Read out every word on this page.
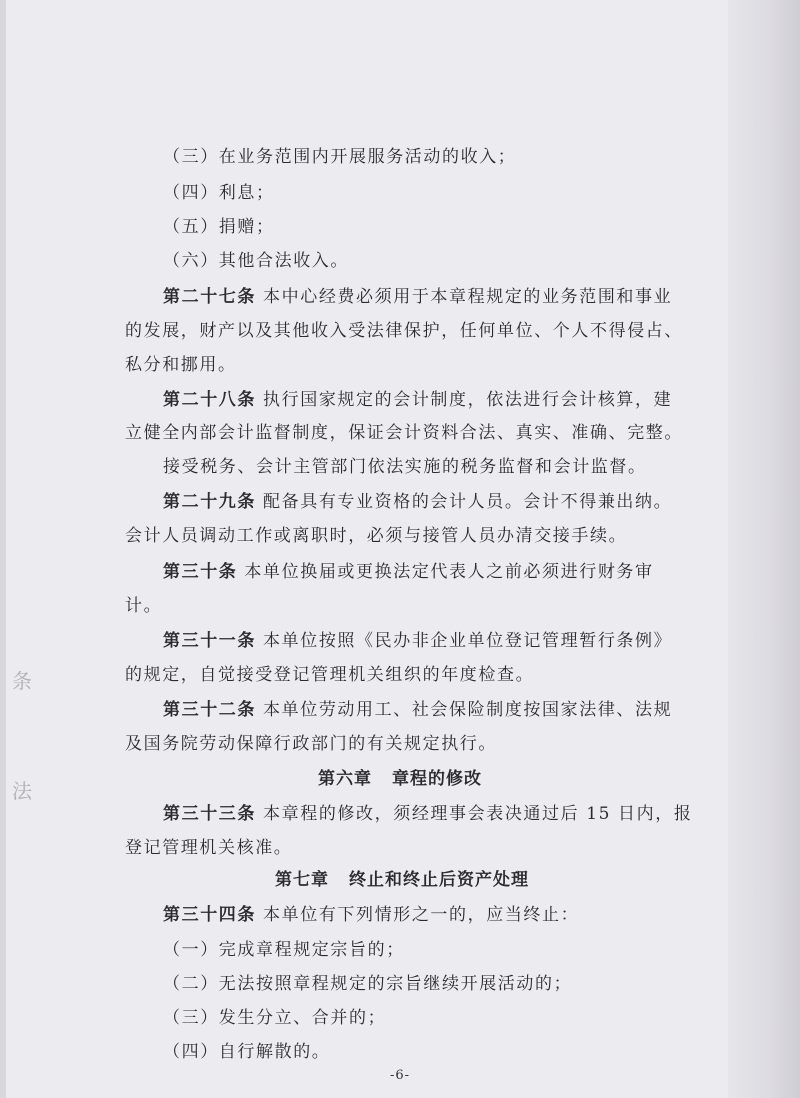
（三）在业务范围内开展服务活动的收入；
（四）利息；
（五）捐赠；
（六）其他合法收入。
第二十七条 本中心经费必须用于本章程规定的业务范围和事业
的发展，财产以及其他收入受法律保护，任何单位、个人不得侵占、
私分和挪用。
第二十八条 执行国家规定的会计制度，依法进行会计核算，建
立健全内部会计监督制度，保证会计资料合法、真实、准确、完整。
接受税务、会计主管部门依法实施的税务监督和会计监督。
第二十九条 配备具有专业资格的会计人员。会计不得兼出纳。
会计人员调动工作或离职时，必须与接管人员办清交接手续。
第三十条 本单位换届或更换法定代表人之前必须进行财务审
计。
第三十一条 本单位按照《民办非企业单位登记管理暂行条例》
的规定，自觉接受登记管理机关组织的年度检查。
第三十二条 本单位劳动用工、社会保险制度按国家法律、法规
及国务院劳动保障行政部门的有关规定执行。
第六章 章程的修改
第三十三条 本章程的修改，须经理事会表决通过后 15 日内，报
登记管理机关核准。
第七章 终止和终止后资产处理
第三十四条 本单位有下列情形之一的，应当终止：
（一）完成章程规定宗旨的；
（二）无法按照章程规定的宗旨继续开展活动的；
（三）发生分立、合并的；
（四）自行解散的。
条
法
-6-
